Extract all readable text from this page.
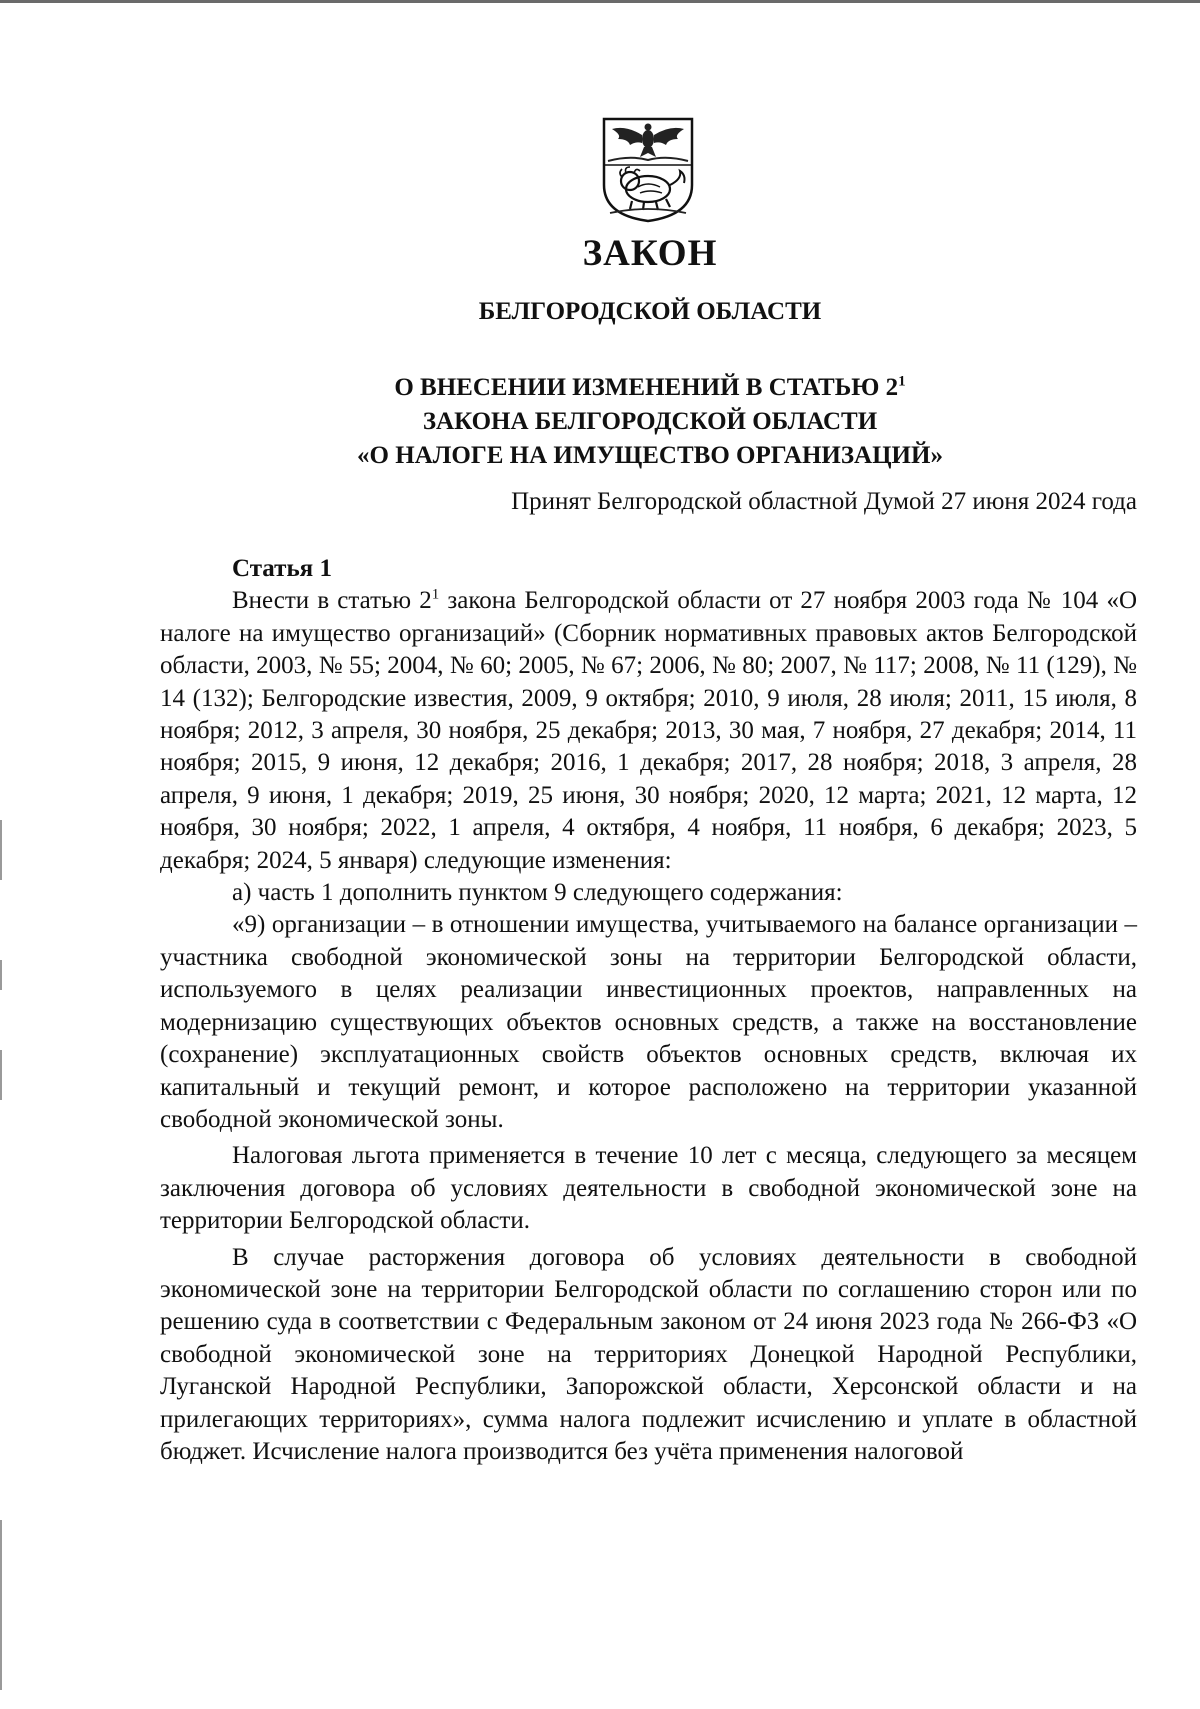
ЗАКОН
БЕЛГОРОДСКОЙ ОБЛАСТИ
О ВНЕСЕНИИ ИЗМЕНЕНИЙ В СТАТЬЮ $2^1$
ЗАКОНА БЕЛГОРОДСКОЙ ОБЛАСТИ
«О НАЛОГЕ НА ИМУЩЕСТВО ОРГАНИЗАЦИЙ»

Принят Белгородской областной Думой 27 июня 2024 года

Статья 1

Внести в статью $2^1$ закона Белгородской области от 27 ноября 2003 года № 104 «О налоге на имущество организаций» (Сборник нормативных правовых актов Белгородской области, 2003, № 55; 2004, № 60; 2005, № 67; 2006, № 80; 2007, № 117; 2008, № 11 (129), № 14 (132); Белгородские известия, 2009, 9 октября; 2010, 9 июля, 28 июля; 2011, 15 июля, 8 ноября; 2012, 3 апреля, 30 ноября, 25 декабря; 2013, 30 мая, 7 ноября, 27 декабря; 2014, 11 ноября; 2015, 9 июня, 12 декабря; 2016, 1 декабря; 2017, 28 ноября; 2018, 3 апреля, 28 апреля, 9 июня, 1 декабря; 2019, 25 июня, 30 ноября; 2020, 12 марта; 2021, 12 марта, 12 ноября, 30 ноября; 2022, 1 апреля, 4 октября, 4 ноября, 11 ноября, 6 декабря; 2023, 5 декабря; 2024, 5 января) следующие изменения:

а) часть 1 дополнить пунктом 9 следующего содержания:

«9) организации – в отношении имущества, учитываемого на балансе организации – участника свободной экономической зоны на территории Белгородской области, используемого в целях реализации инвестиционных проектов, направленных на модернизацию существующих объектов основных средств, а также на восстановление (сохранение) эксплуатационных свойств объектов основных средств, включая их капитальный и текущий ремонт, и которое расположено на территории указанной свободной экономической зоны.

Налоговая льгота применяется в течение 10 лет с месяца, следующего за месяцем заключения договора об условиях деятельности в свободной экономической зоне на территории Белгородской области.

В случае расторжения договора об условиях деятельности в свободной экономической зоне на территории Белгородской области по соглашению сторон или по решению суда в соответствии с Федеральным законом от 24 июня 2023 года № 266-ФЗ «О свободной экономической зоне на территориях Донецкой Народной Республики, Луганской Народной Республики, Запорожской области, Херсонской области и на прилегающих территориях», сумма налога подлежит исчислению и уплате в областной бюджет. Исчисление налога производится без учёта применения налоговой
